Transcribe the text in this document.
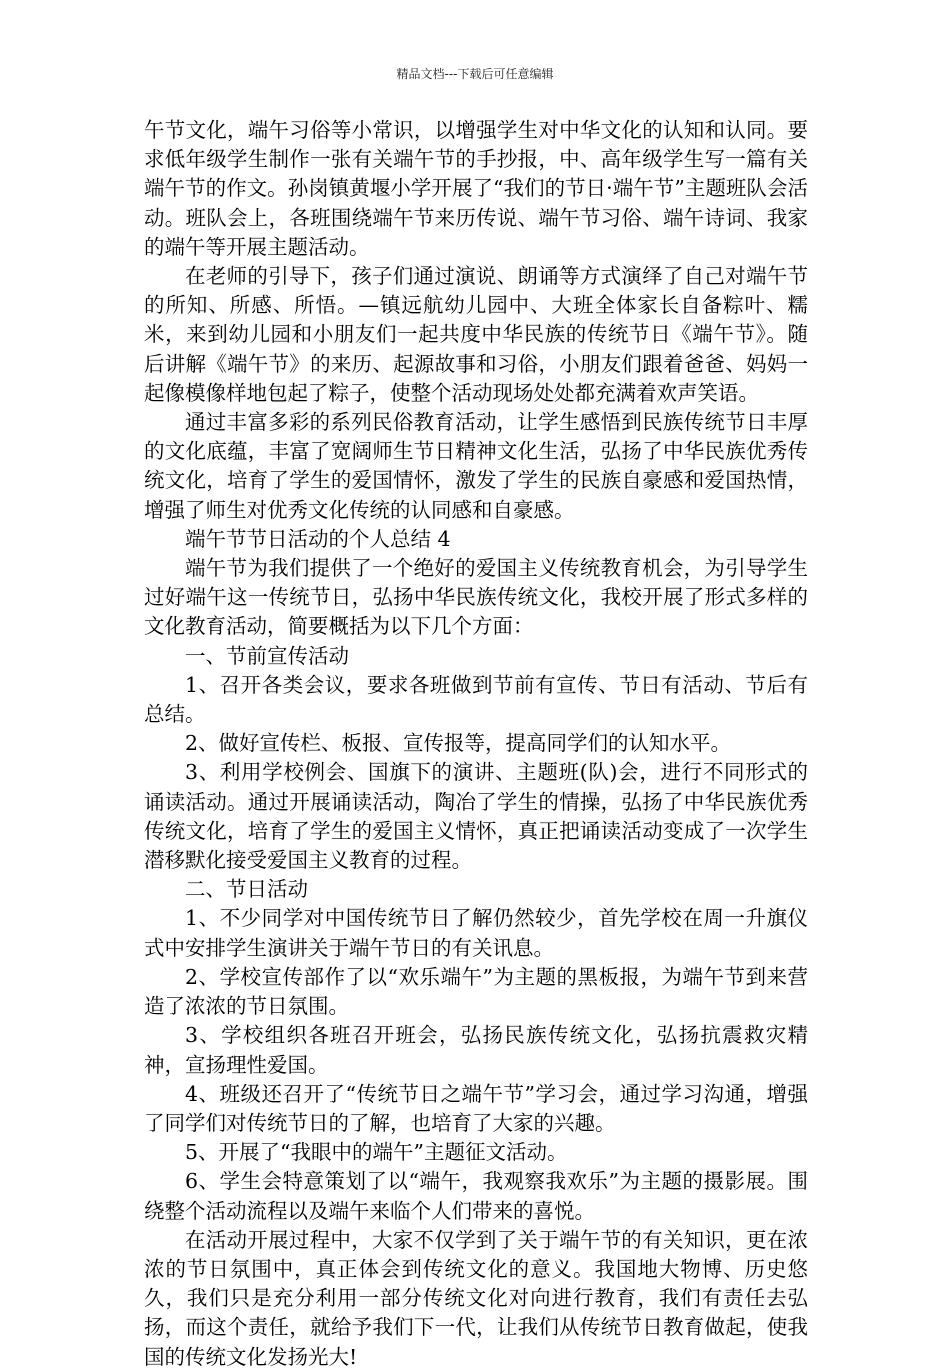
精品文档---下载后可任意编辑

午节文化，端午习俗等小常识，以增强学生对中华文化的认知和认同。要求低年级学生制作一张有关端午节的手抄报，中、高年级学生写一篇有关端午节的作文。孙岗镇黄堰小学开展了“我们的节日·端午节”主题班队会活动。班队会上，各班围绕端午节来历传说、端午节习俗、端午诗词、我家的端午等开展主题活动。

在老师的引导下，孩子们通过演说、朗诵等方式演绎了自己对端午节的所知、所感、所悟。—镇远航幼儿园中、大班全体家长自备粽叶、糯米，来到幼儿园和小朋友们一起共度中华民族的传统节日《端午节》。随后讲解《端午节》的来历、起源故事和习俗，小朋友们跟着爸爸、妈妈一起像模像样地包起了粽子，使整个活动现场处处都充满着欢声笑语。

通过丰富多彩的系列民俗教育活动，让学生感悟到民族传统节日丰厚的文化底蕴，丰富了宽阔师生节日精神文化生活，弘扬了中华民族优秀传统文化，培育了学生的爱国情怀，激发了学生的民族自豪感和爱国热情，增强了师生对优秀文化传统的认同感和自豪感。

端午节节日活动的个人总结 4

端午节为我们提供了一个绝好的爱国主义传统教育机会，为引导学生过好端午这一传统节日，弘扬中华民族传统文化，我校开展了形式多样的文化教育活动，简要概括为以下几个方面：

一、节前宣传活动

1、召开各类会议，要求各班做到节前有宣传、节日有活动、节后有总结。

2、做好宣传栏、板报、宣传报等，提高同学们的认知水平。

3、利用学校例会、国旗下的演讲、主题班(队)会，进行不同形式的诵读活动。通过开展诵读活动，陶冶了学生的情操，弘扬了中华民族优秀传统文化，培育了学生的爱国主义情怀，真正把诵读活动变成了一次学生潜移默化接受爱国主义教育的过程。

二、节日活动

1、不少同学对中国传统节日了解仍然较少，首先学校在周一升旗仪式中安排学生演讲关于端午节日的有关讯息。

2、学校宣传部作了以“欢乐端午”为主题的黑板报，为端午节到来营造了浓浓的节日氛围。

3、学校组织各班召开班会，弘扬民族传统文化，弘扬抗震救灾精神，宣扬理性爱国。

4、班级还召开了“传统节日之端午节”学习会，通过学习沟通，增强了同学们对传统节日的了解，也培育了大家的兴趣。

5、开展了“我眼中的端午”主题征文活动。

6、学生会特意策划了以“端午，我观察我欢乐”为主题的摄影展。围绕整个活动流程以及端午来临个人们带来的喜悦。

在活动开展过程中，大家不仅学到了关于端午节的有关知识，更在浓浓的节日氛围中，真正体会到传统文化的意义。我国地大物博、历史悠久，我们只是充分利用一部分传统文化对向进行教育，我们有责任去弘扬，而这个责任，就给予我们下一代，让我们从传统节日教育做起，使我国的传统文化发扬光大!
